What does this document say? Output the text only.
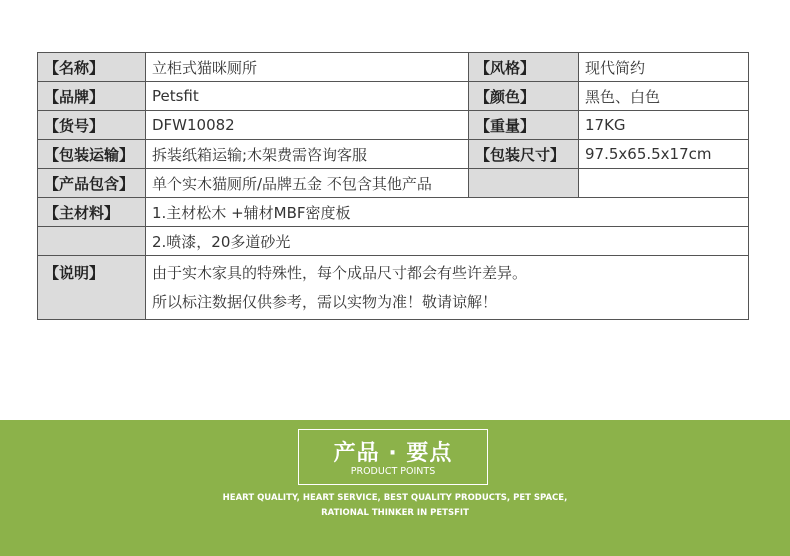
【名称】	立柜式猫咪厕所	【风格】	现代简约
【品牌】	Petsfit	【颜色】	黑色、白色
【货号】	DFW10082	【重量】	17KG
【包装运输】	拆装纸箱运输;木架费需咨询客服	【包装尺寸】	97.5x65.5x17cm
【产品包含】	单个实木猫厕所/品牌五金 不包含其他产品		
【主材料】	1.主材松木 +辅材MBF密度板		
	2.喷漆，20多道砂光		
【说明】	由于实木家具的特殊性，每个成品尺寸都会有些许差异。
所以标注数据仅供参考，需以实物为准！敬请谅解！		
产品 · 要点
PRODUCT POINTS
HEART QUALITY, HEART SERVICE, BEST QUALITY PRODUCTS, PET SPACE,
RATIONAL THINKER IN PETSFIT
